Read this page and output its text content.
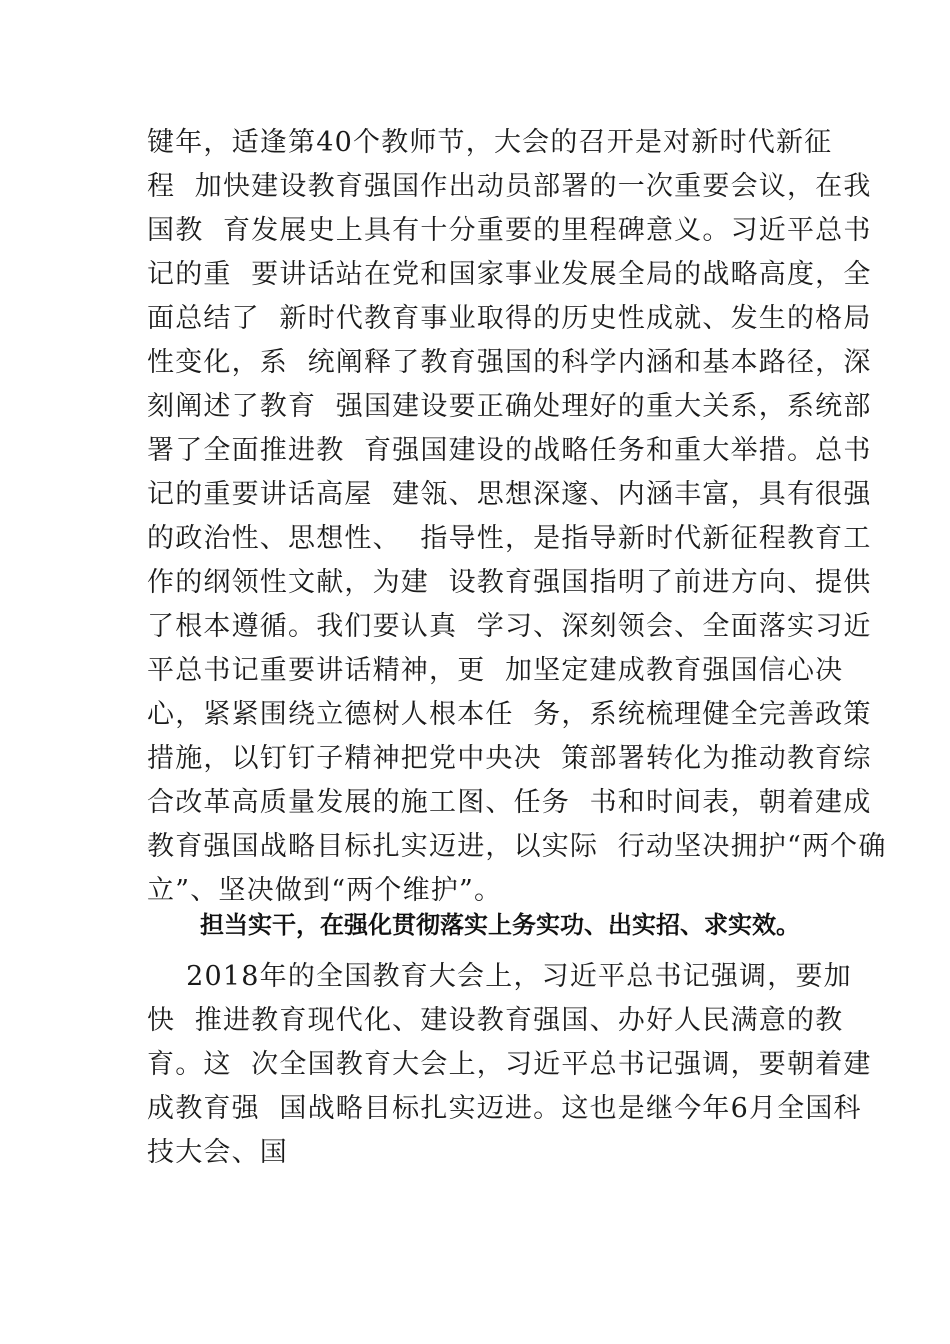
键年，适逢第40个教师节，大会的召开是对新时代新征
程  加快建设教育强国作出动员部署的一次重要会议，在我
国教  育发展史上具有十分重要的里程碑意义。习近平总书
记的重  要讲话站在党和国家事业发展全局的战略高度，全
面总结了  新时代教育事业取得的历史性成就、发生的格局
性变化，系  统阐释了教育强国的科学内涵和基本路径，深
刻阐述了教育  强国建设要正确处理好的重大关系，系统部
署了全面推进教  育强国建设的战略任务和重大举措。总书
记的重要讲话高屋  建瓴、思想深邃、内涵丰富，具有很强
的政治性、思想性、  指导性，是指导新时代新征程教育工
作的纲领性文献，为建  设教育强国指明了前进方向、提供
了根本遵循。我们要认真  学习、深刻领会、全面落实习近
平总书记重要讲话精神，更  加坚定建成教育强国信心决
心，紧紧围绕立德树人根本任  务，系统梳理健全完善政策
措施，以钉钉子精神把党中央决  策部署转化为推动教育综
合改革高质量发展的施工图、任务  书和时间表，朝着建成
教育强国战略目标扎实迈进，以实际  行动坚决拥护“两个确
立”、坚决做到“两个维护”。
担当实干，在强化贯彻落实上务实功、出实招、求实效。
2018年的全国教育大会上，习近平总书记强调，要加
快  推进教育现代化、建设教育强国、办好人民满意的教
育。这  次全国教育大会上，习近平总书记强调，要朝着建
成教育强  国战略目标扎实迈进。这也是继今年6月全国科
技大会、国
